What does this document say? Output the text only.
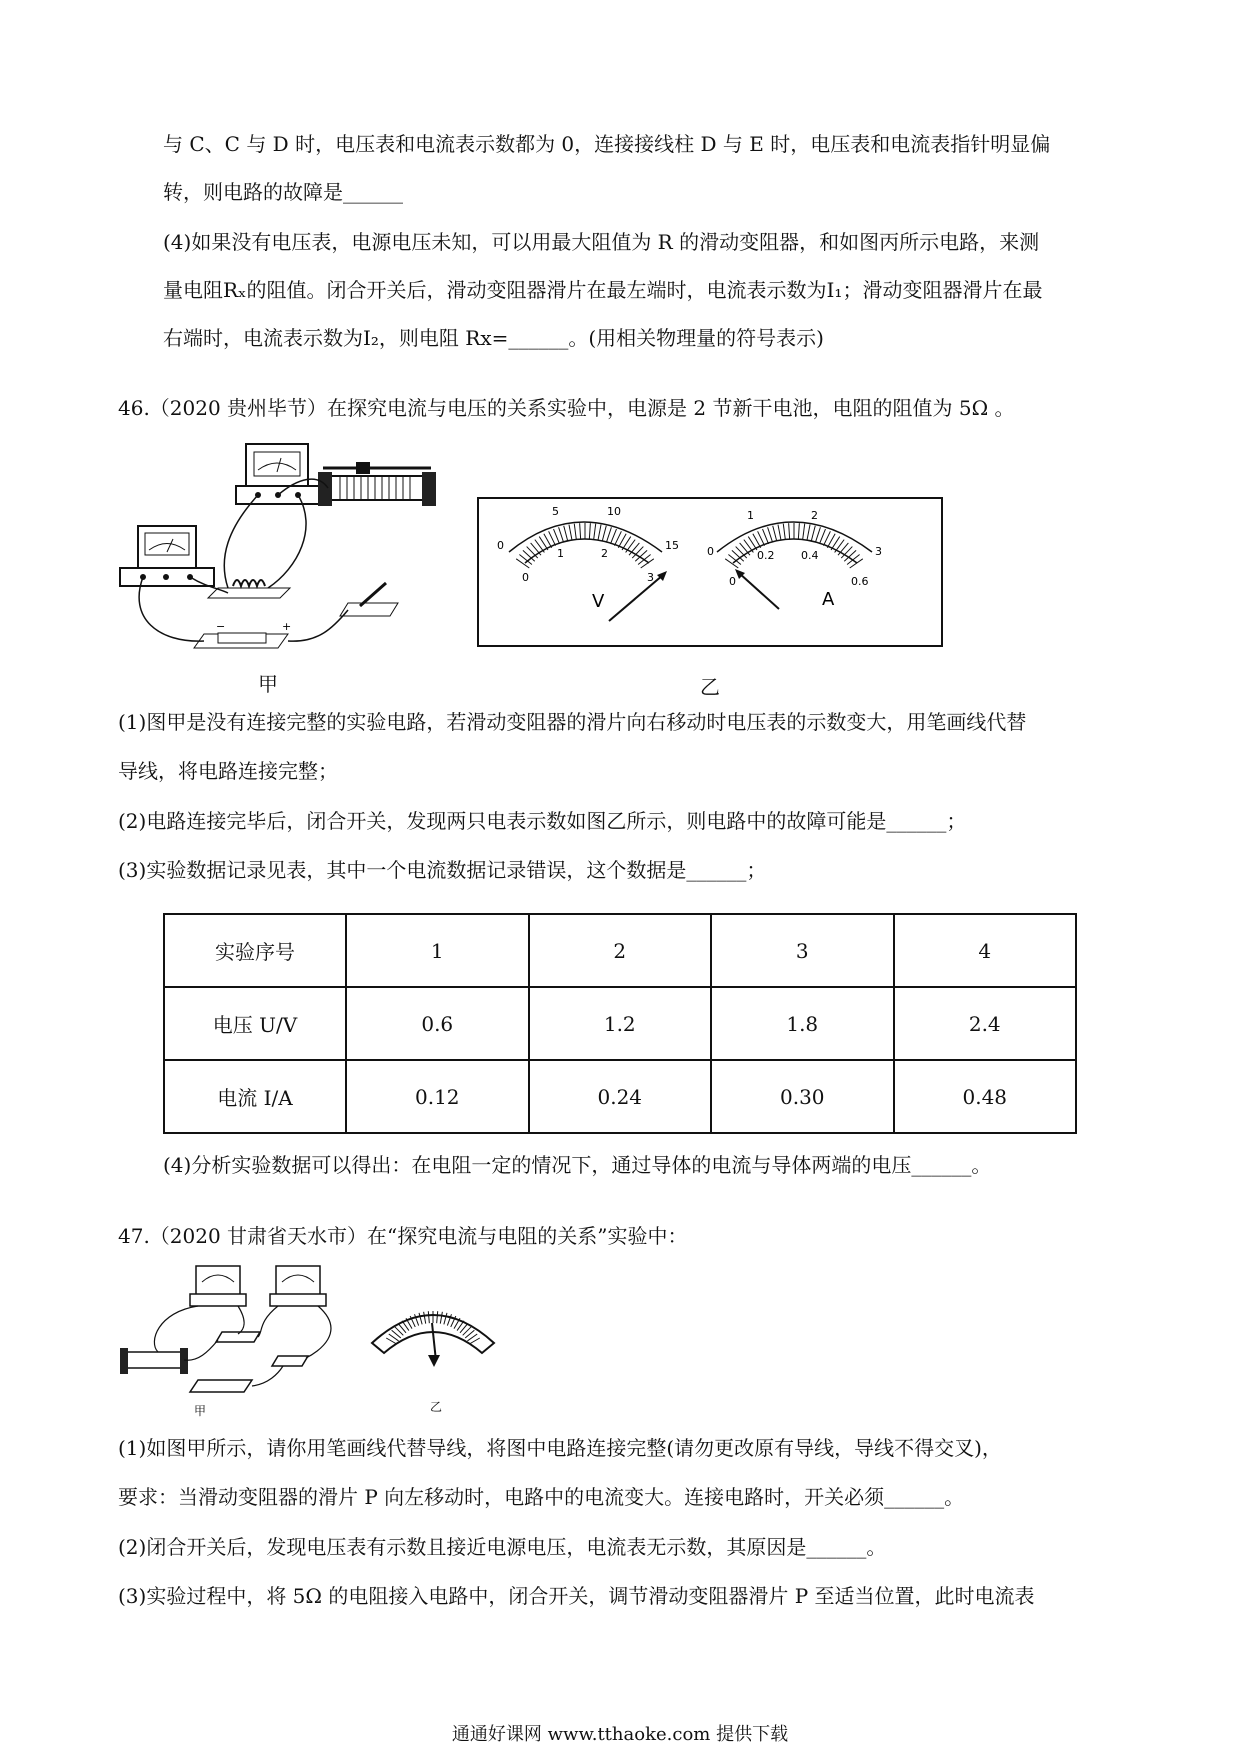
与 C、C 与 D 时，电压表和电流表示数都为 0，连接接线柱 D 与 E 时，电压表和电流表指针明显偏
转，则电路的故障是______
(4)如果没有电压表，电源电压未知，可以用最大阻值为 R 的滑动变阻器，和如图丙所示电路，来测
量电阻Rₓ的阻值。闭合开关后，滑动变阻器滑片在最左端时，电流表示数为I₁；滑动变阻器滑片在最
右端时，电流表示数为I₂，则电阻 Rx=______。(用相关物理量的符号表示)
46.（2020 贵州毕节）在探究电流与电压的关系实验中，电源是 2 节新干电池，电阻的阻值为 5Ω 。
−	+
甲
0
5	10
15
0
1	2
3
V
0
1	2
3
0
0.2 0.4
0.6
A
乙
(1)图甲是没有连接完整的实验电路，若滑动变阻器的滑片向右移动时电压表的示数变大，用笔画线代替
导线，将电路连接完整；
(2)电路连接完毕后，闭合开关，发现两只电表示数如图乙所示，则电路中的故障可能是______；
(3)实验数据记录见表，其中一个电流数据记录错误，这个数据是______；
实验序号	1	2	3	4
电压 U/V	0.6	1.2	1.8	2.4
电流 I/A	0.12	0.24	0.30	0.48
(4)分析实验数据可以得出：在电阻一定的情况下，通过导体的电流与导体两端的电压______。
47.（2020 甘肃省天水市）在“探究电流与电阻的关系”实验中：
甲	乙
(1)如图甲所示，请你用笔画线代替导线，将图中电路连接完整(请勿更改原有导线，导线不得交叉)，
要求：当滑动变阻器的滑片 P 向左移动时，电路中的电流变大。连接电路时，开关必须______。
(2)闭合开关后，发现电压表有示数且接近电源电压，电流表无示数，其原因是______。
(3)实验过程中，将 5Ω 的电阻接入电路中，闭合开关，调节滑动变阻器滑片 P 至适当位置，此时电流表
通通好课网 www.tthaoke.com 提供下载
